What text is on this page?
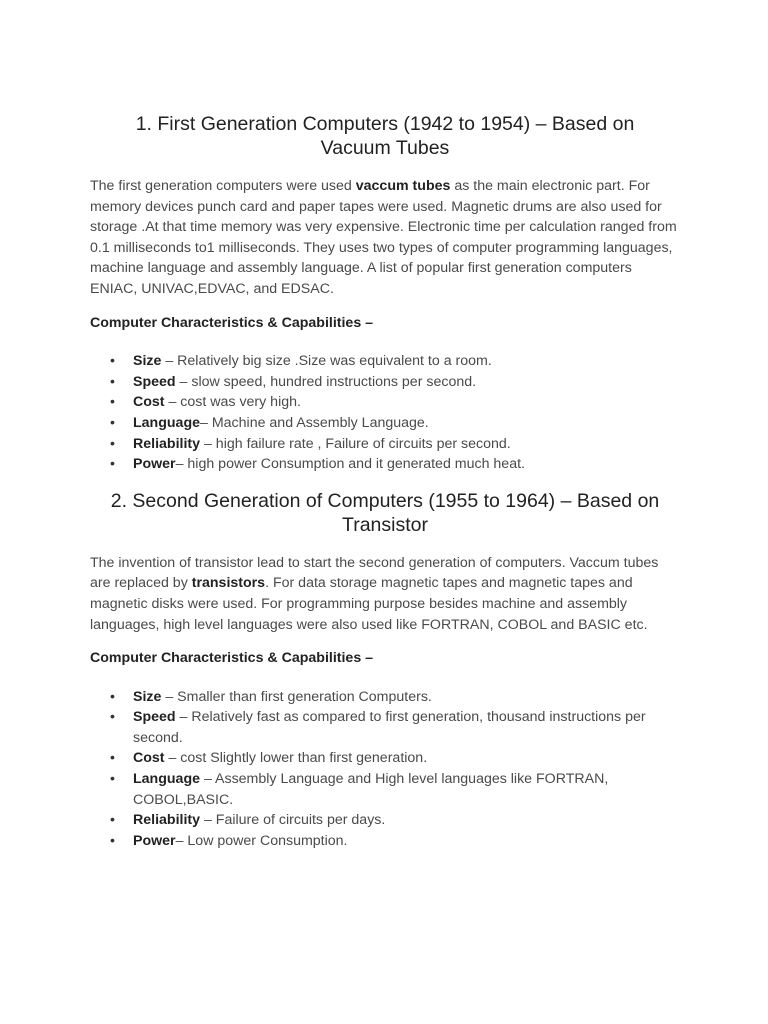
1. First Generation Computers (1942 to 1954) – Based on Vacuum Tubes

The first generation computers were used vaccum tubes as the main electronic part. For memory devices punch card and paper tapes were used. Magnetic drums are also used for storage .At that time memory was very expensive. Electronic time per calculation ranged from 0.1 milliseconds to1 milliseconds. They uses two types of computer programming languages, machine language and assembly language. A list of popular first generation computers ENIAC, UNIVAC,EDVAC, and EDSAC.

Computer Characteristics & Capabilities –

• Size – Relatively big size .Size was equivalent to a room.
• Speed – slow speed, hundred instructions per second.
• Cost – cost was very high.
• Language– Machine and Assembly Language.
• Reliability – high failure rate , Failure of circuits per second.
• Power– high power Consumption and it generated much heat.
2. Second Generation of Computers (1955 to 1964) – Based on Transistor

The invention of transistor lead to start the second generation of computers. Vaccum tubes are replaced by transistors. For data storage magnetic tapes and magnetic tapes and magnetic disks were used. For programming purpose besides machine and assembly languages, high level languages were also used like FORTRAN, COBOL and BASIC etc.

Computer Characteristics & Capabilities –

• Size – Smaller than first generation Computers.
• Speed – Relatively fast as compared to first generation, thousand instructions per second.
• Cost – cost Slightly lower than first generation.
• Language – Assembly Language and High level languages like FORTRAN, COBOL,BASIC.
• Reliability – Failure of circuits per days.
• Power– Low power Consumption.
